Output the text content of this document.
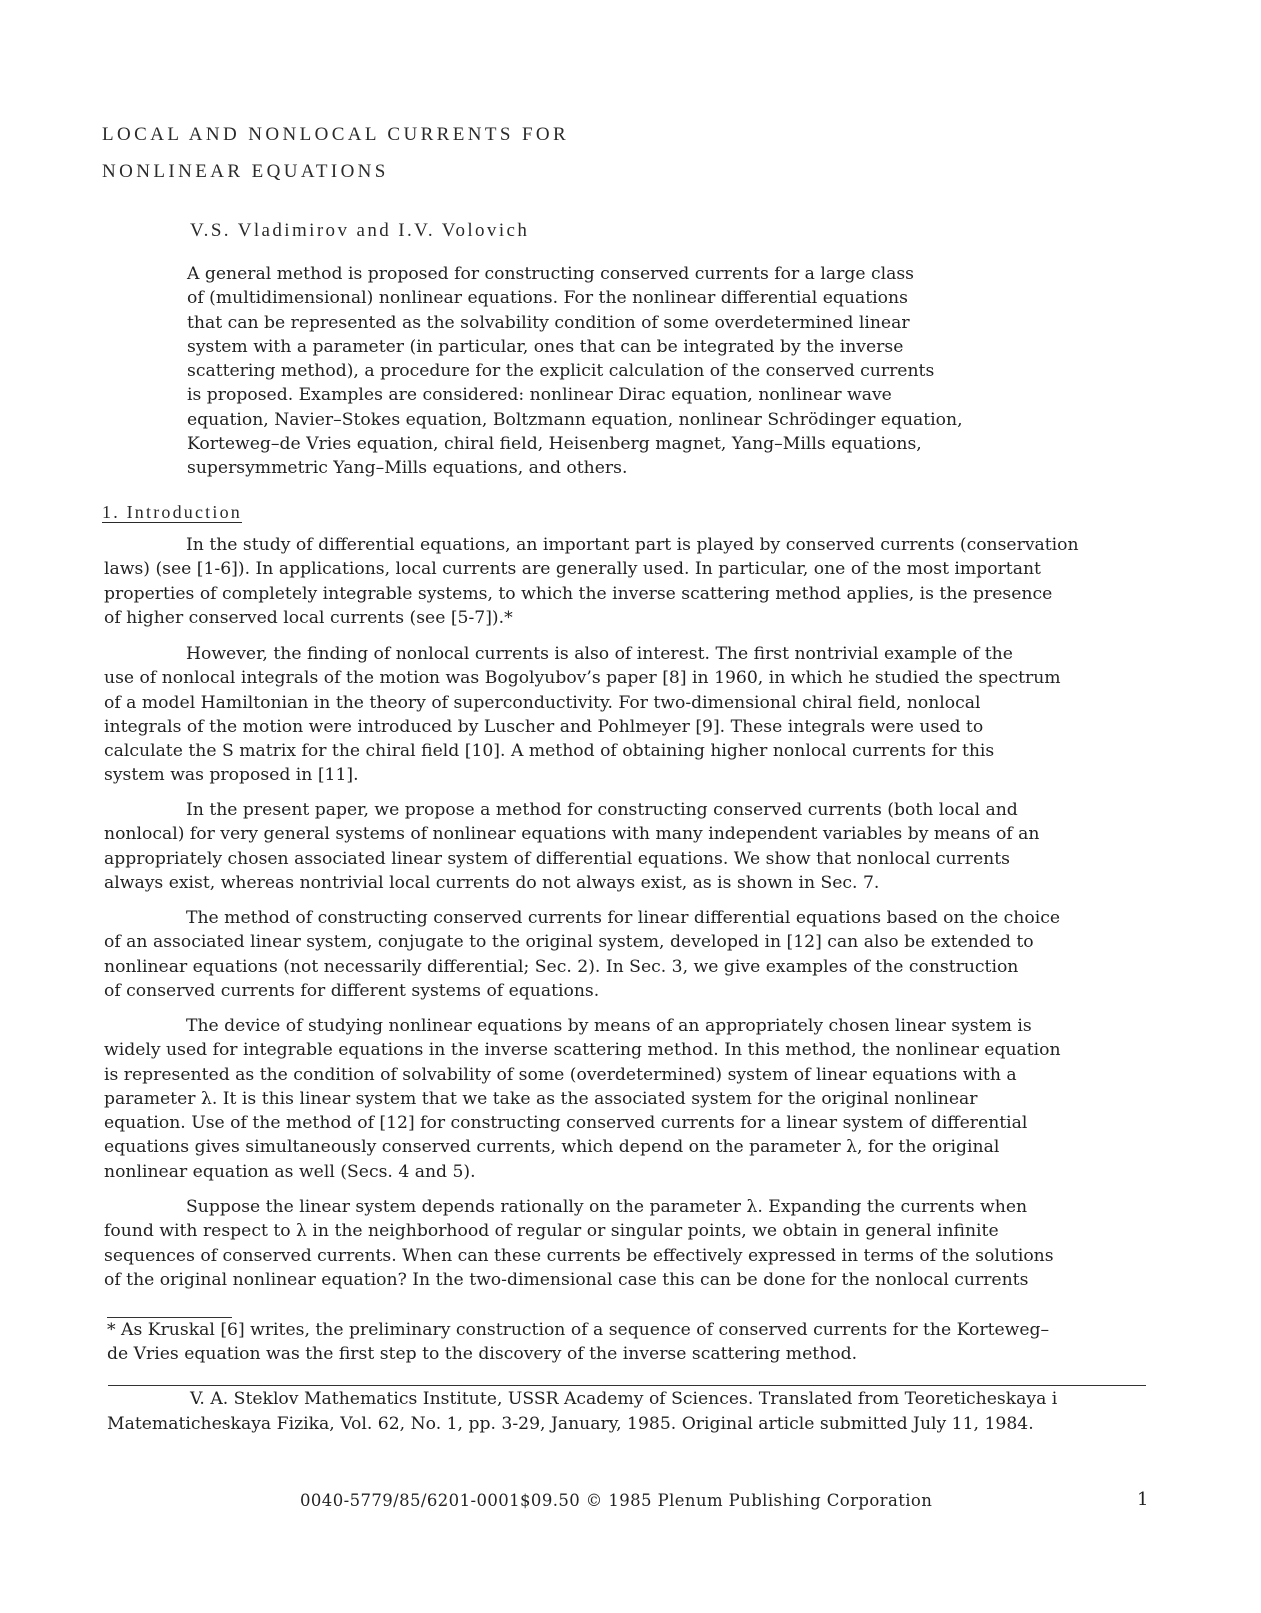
LOCAL AND NONLOCAL CURRENTS FOR
NONLINEAR EQUATIONS
V.S. Vladimirov and I.V. Volovich
A general method is proposed for constructing conserved currents for a large class
of (multidimensional) nonlinear equations. For the nonlinear differential equations
that can be represented as the solvability condition of some overdetermined linear
system with a parameter (in particular, ones that can be integrated by the inverse
scattering method), a procedure for the explicit calculation of the conserved currents
is proposed. Examples are considered: nonlinear Dirac equation, nonlinear wave
equation, Navier–Stokes equation, Boltzmann equation, nonlinear Schrödinger equation,
Korteweg–de Vries equation, chiral field, Heisenberg magnet, Yang–Mills equations,
supersymmetric Yang–Mills equations, and others.
1. Introduction
In the study of differential equations, an important part is played by conserved currents (conservation
laws) (see [1-6]). In applications, local currents are generally used. In particular, one of the most important
properties of completely integrable systems, to which the inverse scattering method applies, is the presence
of higher conserved local currents (see [5-7]).*
However, the finding of nonlocal currents is also of interest. The first nontrivial example of the
use of nonlocal integrals of the motion was Bogolyubov’s paper [8] in 1960, in which he studied the spectrum
of a model Hamiltonian in the theory of superconductivity. For two-dimensional chiral field, nonlocal
integrals of the motion were introduced by Luscher and Pohlmeyer [9]. These integrals were used to
calculate the S matrix for the chiral field [10]. A method of obtaining higher nonlocal currents for this
system was proposed in [11].
In the present paper, we propose a method for constructing conserved currents (both local and
nonlocal) for very general systems of nonlinear equations with many independent variables by means of an
appropriately chosen associated linear system of differential equations. We show that nonlocal currents
always exist, whereas nontrivial local currents do not always exist, as is shown in Sec. 7.
The method of constructing conserved currents for linear differential equations based on the choice
of an associated linear system, conjugate to the original system, developed in [12] can also be extended to
nonlinear equations (not necessarily differential; Sec. 2). In Sec. 3, we give examples of the construction
of conserved currents for different systems of equations.
The device of studying nonlinear equations by means of an appropriately chosen linear system is
widely used for integrable equations in the inverse scattering method. In this method, the nonlinear equation
is represented as the condition of solvability of some (overdetermined) system of linear equations with a
parameter λ. It is this linear system that we take as the associated system for the original nonlinear
equation. Use of the method of [12] for constructing conserved currents for a linear system of differential
equations gives simultaneously conserved currents, which depend on the parameter λ, for the original
nonlinear equation as well (Secs. 4 and 5).
Suppose the linear system depends rationally on the parameter λ. Expanding the currents when
found with respect to λ in the neighborhood of regular or singular points, we obtain in general infinite
sequences of conserved currents. When can these currents be effectively expressed in terms of the solutions
of the original nonlinear equation? In the two-dimensional case this can be done for the nonlocal currents
* As Kruskal [6] writes, the preliminary construction of a sequence of conserved currents for the Korteweg–
de Vries equation was the first step to the discovery of the inverse scattering method.
V. A. Steklov Mathematics Institute, USSR Academy of Sciences. Translated from Teoreticheskaya i
Matematicheskaya Fizika, Vol. 62, No. 1, pp. 3-29, January, 1985. Original article submitted July 11, 1984.
0040-5779/85/6201-0001$09.50 © 1985 Plenum Publishing Corporation	1
